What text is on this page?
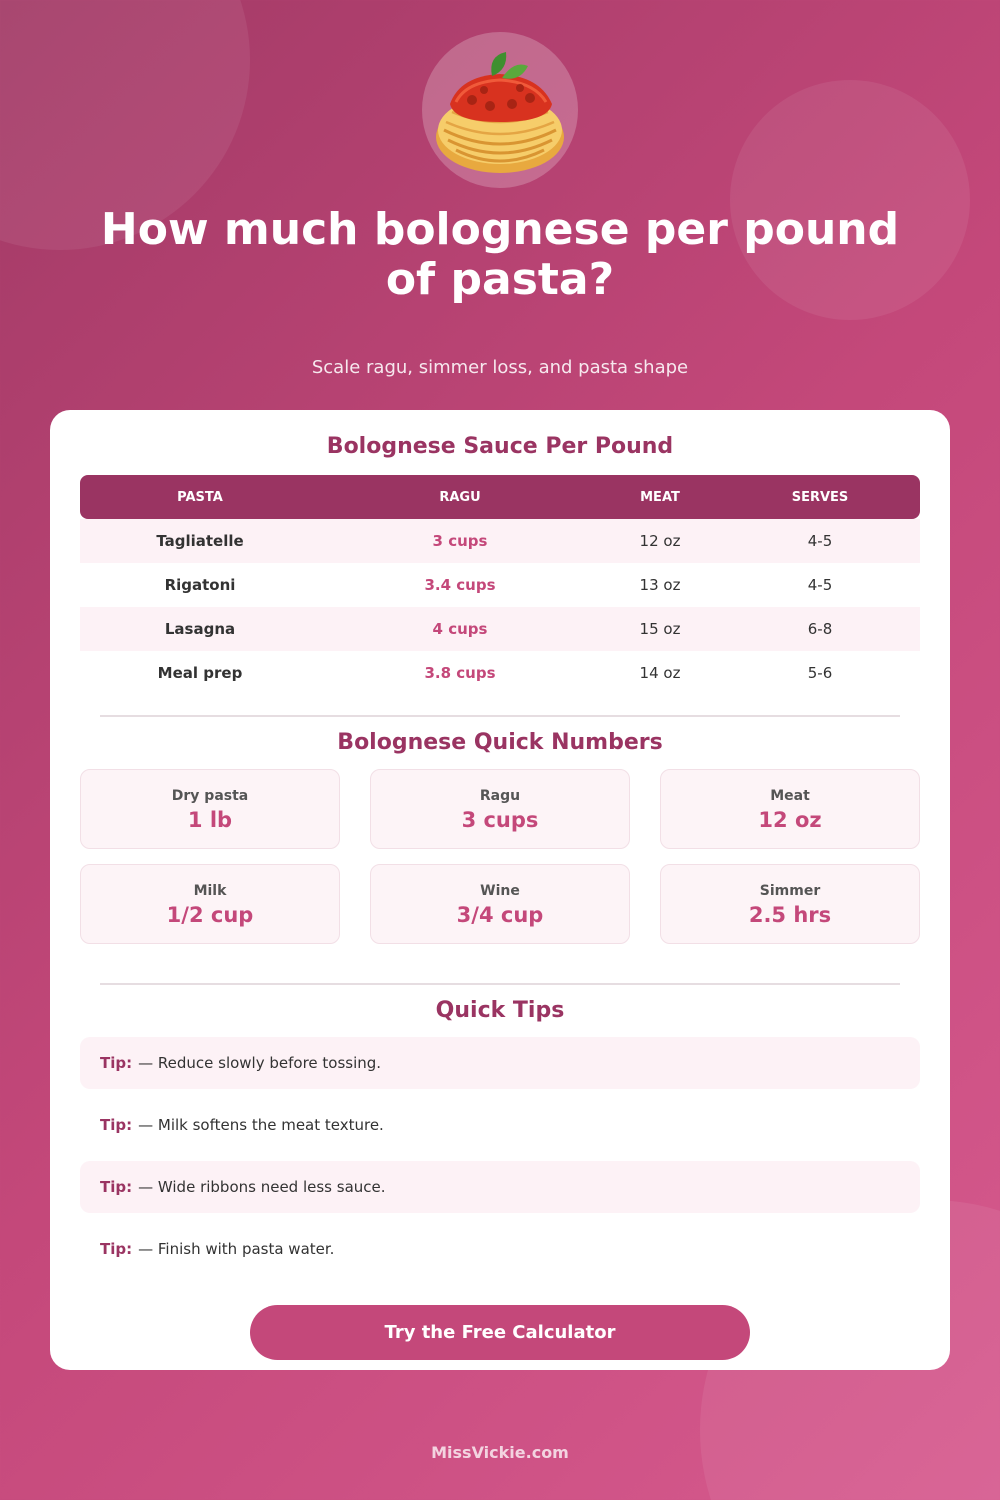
How much bolognese per pound of pasta?

Scale ragu, simmer loss, and pasta shape

Bolognese Sauce Per Pound
PASTA	RAGU	MEAT	SERVES
Tagliatelle	3 cups	12 oz	4-5
Rigatoni	3.4 cups	13 oz	4-5
Lasagna	4 cups	15 oz	6-8
Meal prep	3.8 cups	14 oz	5-6
Bolognese Quick Numbers
Dry pasta
1 lb
Ragu
3 cups
Meat
12 oz
Milk
1/2 cup
Wine
3/4 cup
Simmer
2.5 hrs
Quick Tips
Tip: — Reduce slowly before tossing.
Tip: — Milk softens the meat texture.
Tip: — Wide ribbons need less sauce.
Tip: — Finish with pasta water.
Try the Free Calculator
MissVickie.com
